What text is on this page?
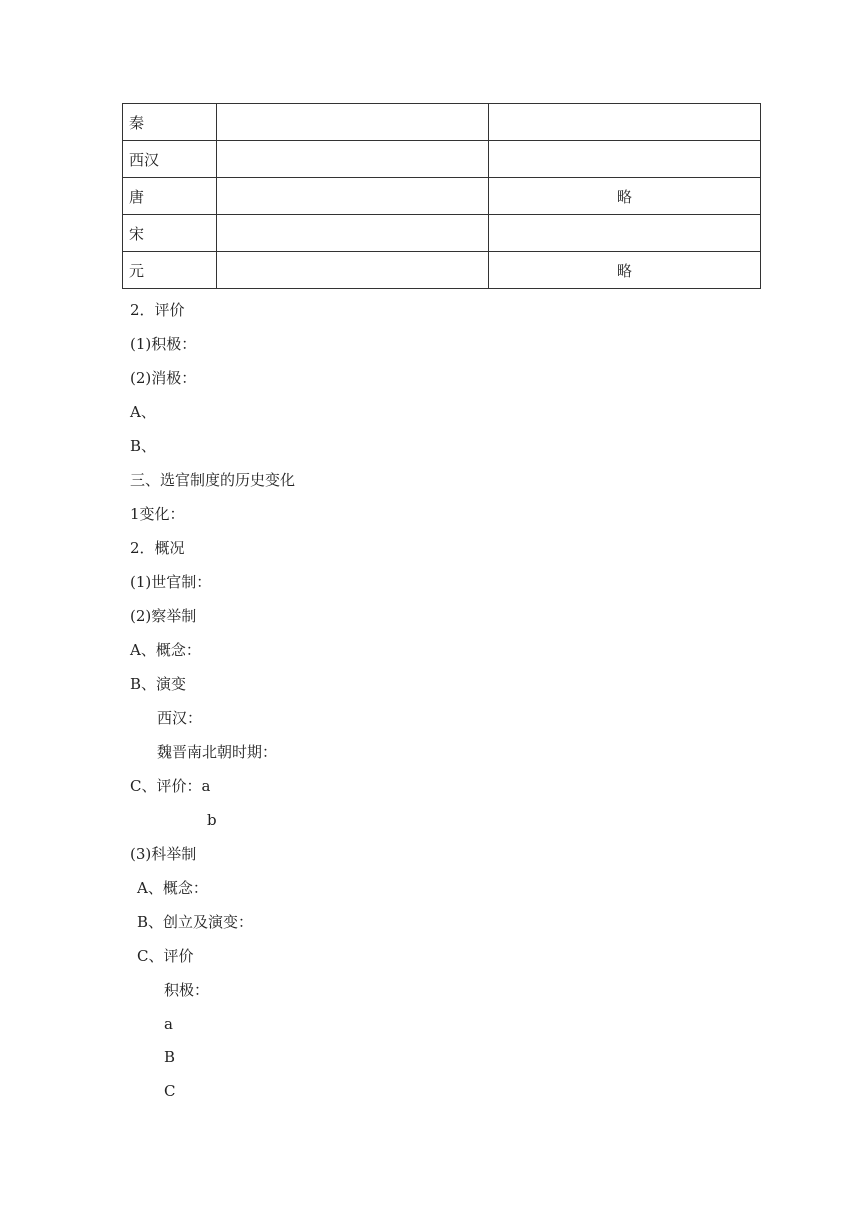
秦		
西汉		
唐		略
宋		
元		略
2．评价
(1)积极：
(2)消极：
A、
B、
三、选官制度的历史变化
1变化：
2．概况
(1)世官制：
(2)察举制
A、概念：
B、演变
西汉：
魏晋南北朝时期：
C、评价：a
b
(3)科举制
A、概念：
B、创立及演变：
C、评价
积极：
a
B
C
